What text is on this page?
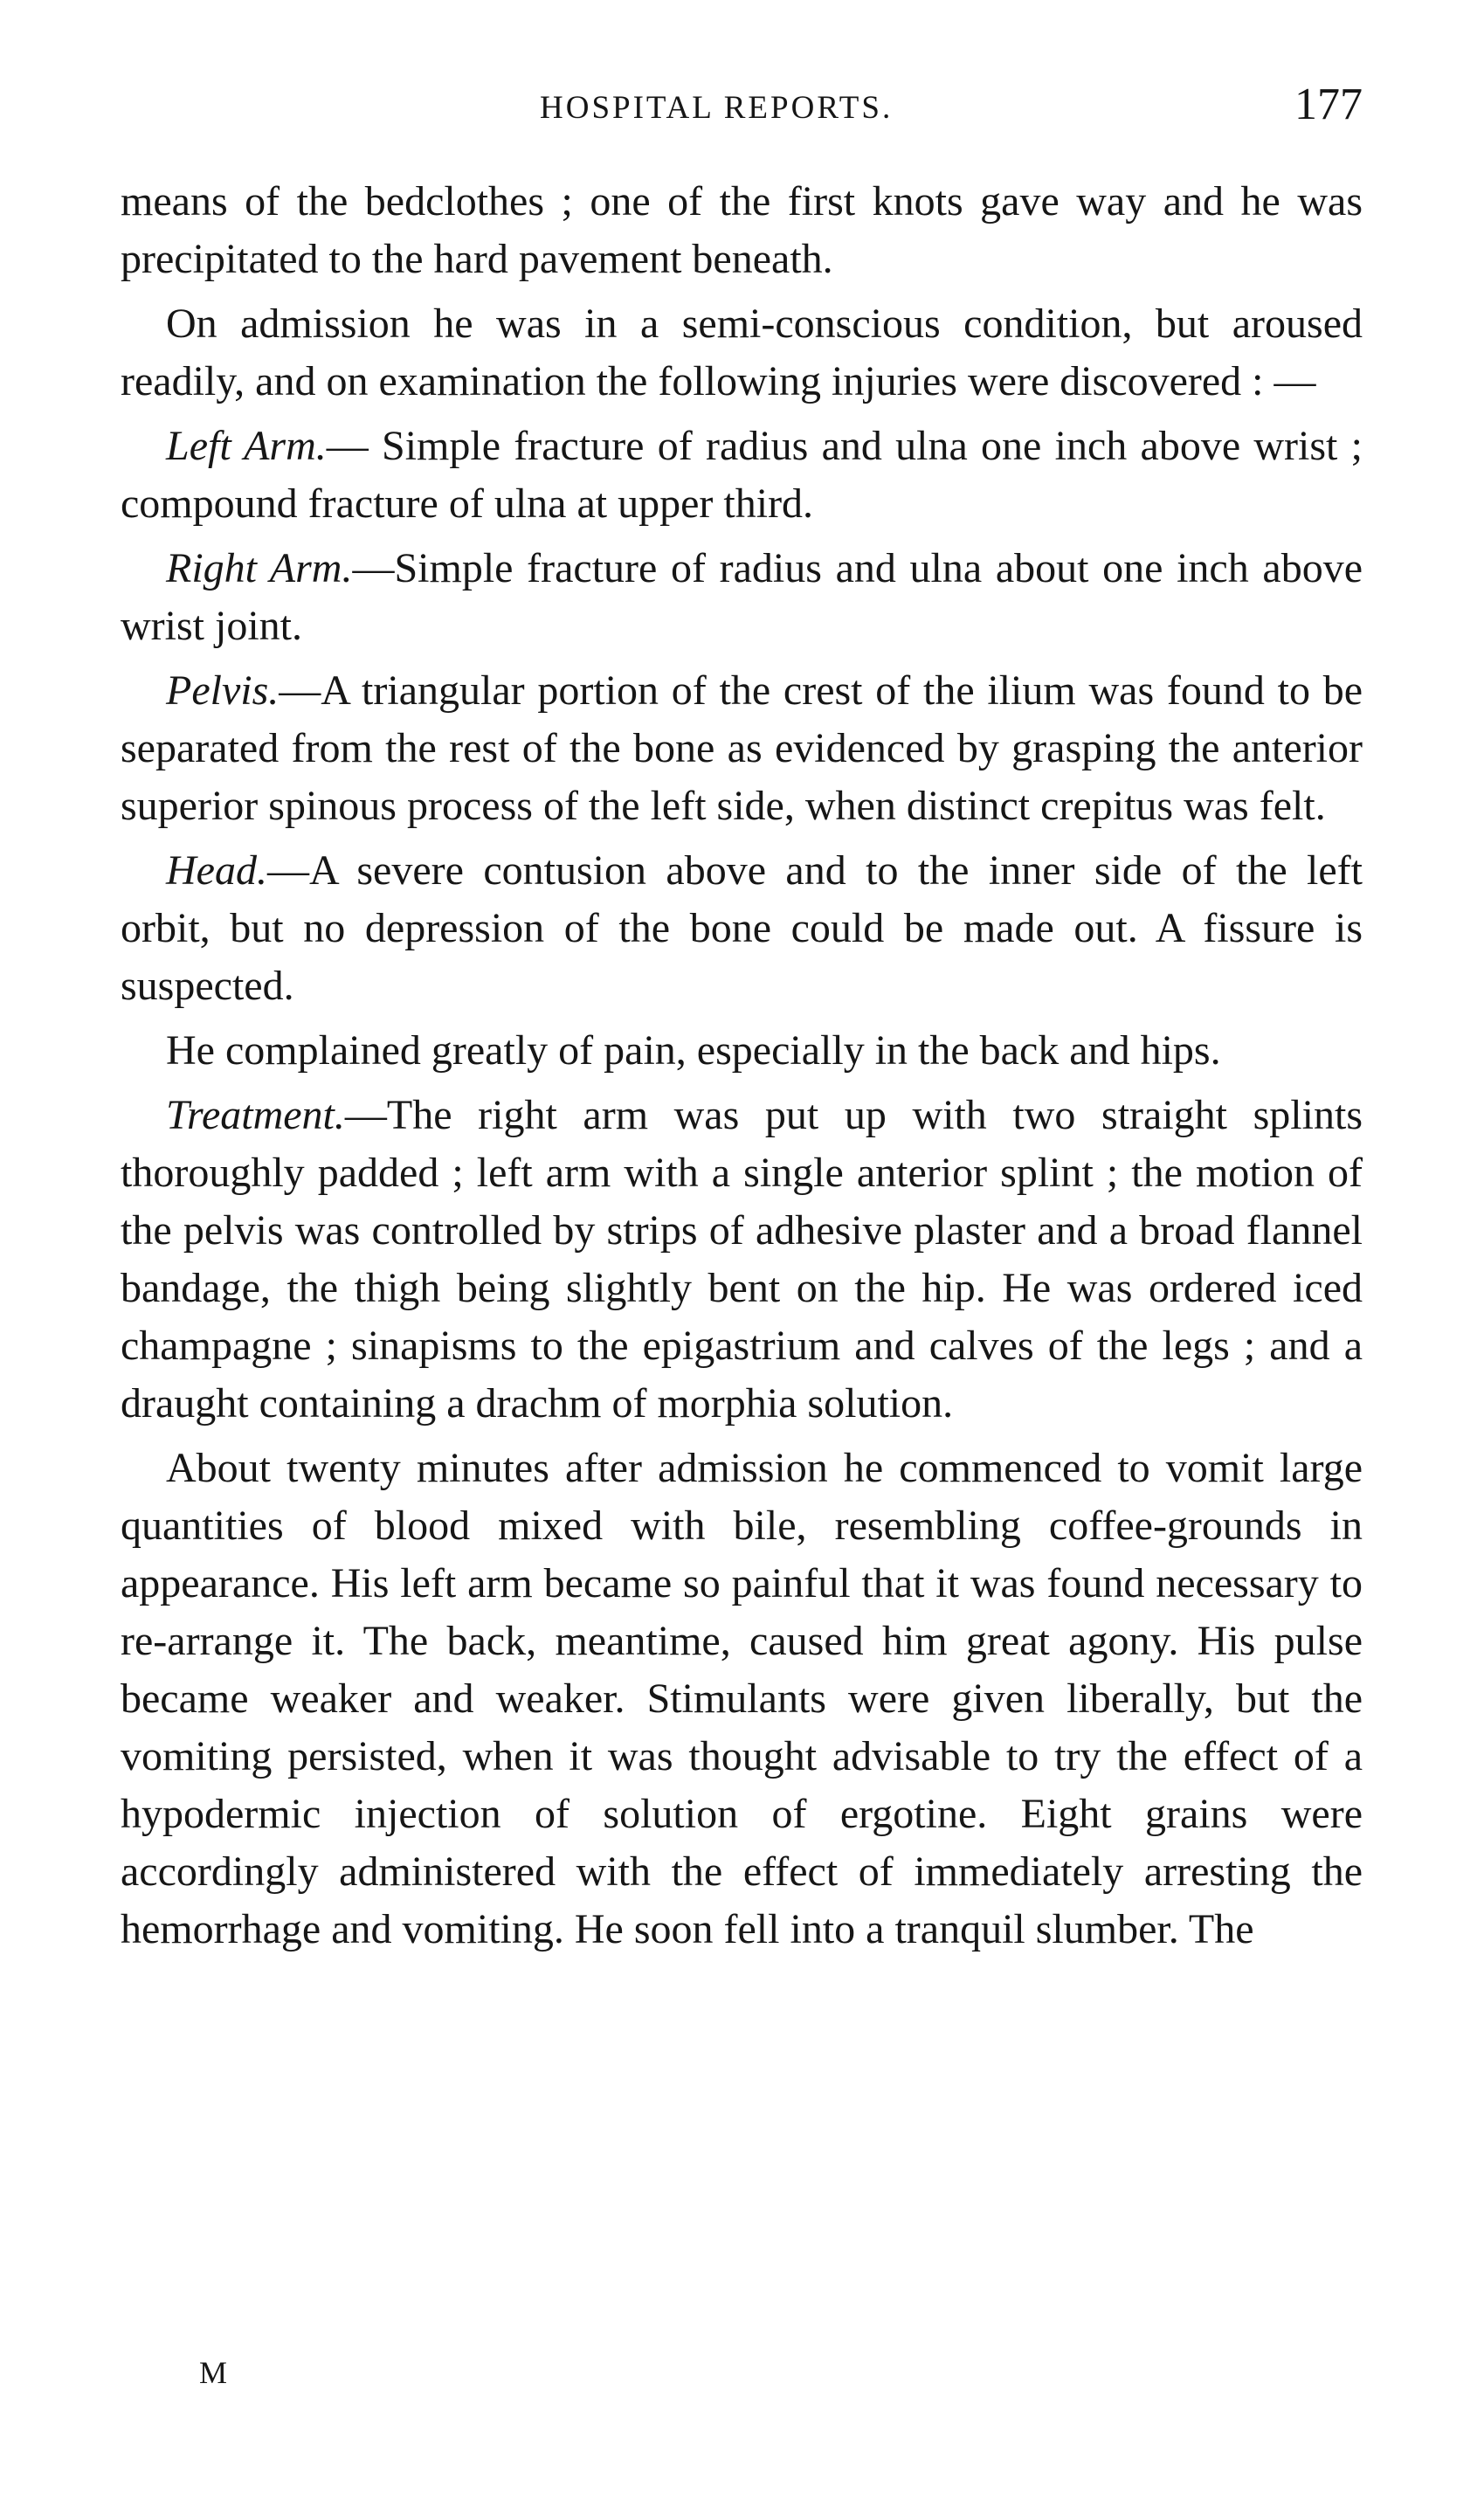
HOSPITAL REPORTS.	177

means of the bedclothes ; one of the first knots gave way and he was precipitated to the hard pavement beneath.

On admission he was in a semi-conscious condition, but aroused readily, and on examination the following injuries were discovered : —

Left Arm.— Simple fracture of radius and ulna one inch above wrist ; compound fracture of ulna at upper third.

Right Arm.—Simple fracture of radius and ulna about one inch above wrist joint.

Pelvis.—A triangular portion of the crest of the ilium was found to be separated from the rest of the bone as evidenced by grasping the anterior superior spinous process of the left side, when distinct crepitus was felt.

Head.—A severe contusion above and to the inner side of the left orbit, but no depression of the bone could be made out. A fissure is suspected.

He complained greatly of pain, especially in the back and hips.

Treatment.—The right arm was put up with two straight splints thoroughly padded ; left arm with a single anterior splint ; the motion of the pelvis was controlled by strips of adhesive plaster and a broad flannel bandage, the thigh being slightly bent on the hip. He was ordered iced champagne ; sinapisms to the epigastrium and calves of the legs ; and a draught containing a drachm of morphia solution.

About twenty minutes after admission he commenced to vomit large quantities of blood mixed with bile, resembling coffee-grounds in appearance. His left arm became so painful that it was found necessary to re-arrange it. The back, meantime, caused him great agony. His pulse became weaker and weaker. Stimulants were given liberally, but the vomiting persisted, when it was thought advisable to try the effect of a hypodermic injection of solution of ergotine. Eight grains were accordingly administered with the effect of immediately arresting the hemorrhage and vomiting. He soon fell into a tranquil slumber. The

M
